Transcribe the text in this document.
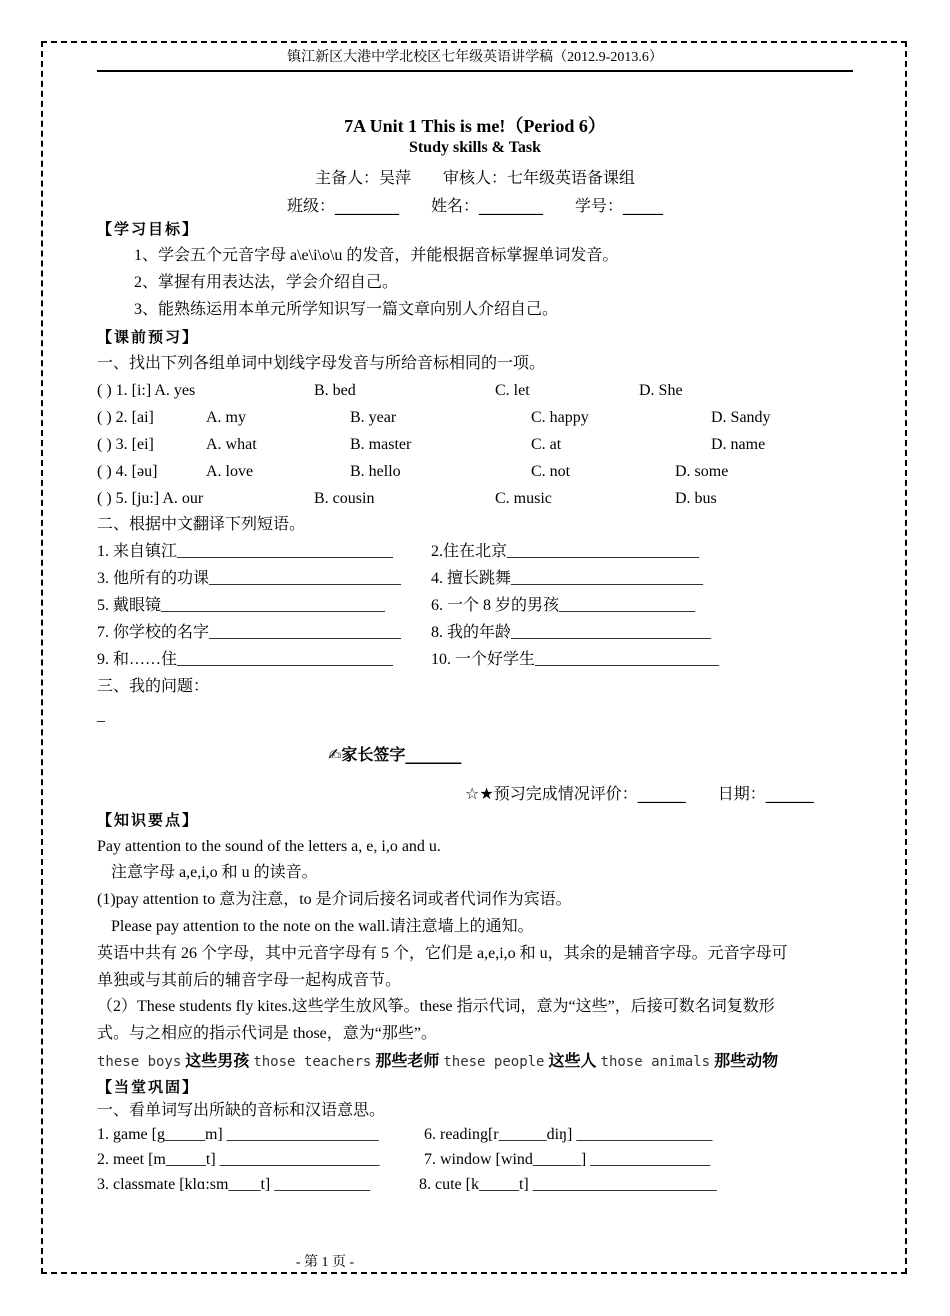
镇江新区大港中学北校区七年级英语讲学稿（2012.9-2013.6）
7A Unit 1 This is me!（Period 6）
Study skills & Task
主备人：吴萍　　审核人：七年级英语备课组
班级：________　　姓名：________　　学号：_____
【学习目标】
1、学会五个元音字母 a\e\i\o\u 的发音，并能根据音标掌握单词发音。
2、掌握有用表达法，学会介绍自己。
3、能熟练运用本单元所学知识写一篇文章向别人介绍自己。
【课前预习】
一、找出下列各组单词中划线字母发音与所给音标相同的一项。
( ) 1. [i:] A. yes	B. bed	C. let	D. She
( ) 2. [ai]	A. my	B. year	C. happy	D. Sandy
( ) 3. [ei]	A. what	B. master	C. at	D. name
( ) 4. [əu]	A. love	B. hello	C. not	D. some
( ) 5. [ju:] A. our	B. cousin	C. music	D. bus
二、根据中文翻译下列短语。
1. 来自镇江___________________________ 2.住在北京________________________
3. 他所有的功课________________________ 4. 擅长跳舞________________________
5. 戴眼镜____________________________	6. 一个 8 岁的男孩_________________
7. 你学校的名字________________________ 8. 我的年龄_________________________
9. 和……住___________________________ 10. 一个好学生_______________________
三、我的问题：
_
✍家长签字_______
☆★预习完成情况评价：______　　日期：______
【知识要点】
Pay attention to the sound of the letters a, e, i,o and u.
注意字母 a,e,i,o 和 u 的读音。
(1)pay attention to 意为注意，to 是介词后接名词或者代词作为宾语。
Please pay attention to the note on the wall.请注意墙上的通知。
英语中共有 26 个字母，其中元音字母有 5 个，它们是 a,e,i,o 和 u，其余的是辅音字母。元音字母可
单独或与其前后的辅音字母一起构成音节。
（2）These students fly kites.这些学生放风筝。these 指示代词，意为“这些”，后接可数名词复数形
式。与之相应的指示代词是 those，意为“那些”。
these boys 这些男孩 those teachers 那些老师 these people 这些人 those animals 那些动物
【当堂巩固】
一、看单词写出所缺的音标和汉语意思。
1. game [g_____m] ___________________	6. reading[r______diŋ] _________________
2. meet [m_____t] ____________________	7. window [wind______] _______________
3. classmate [klɑ:sm____t] ____________	8. cute [k_____t] _______________________
- 第 1 页 -
